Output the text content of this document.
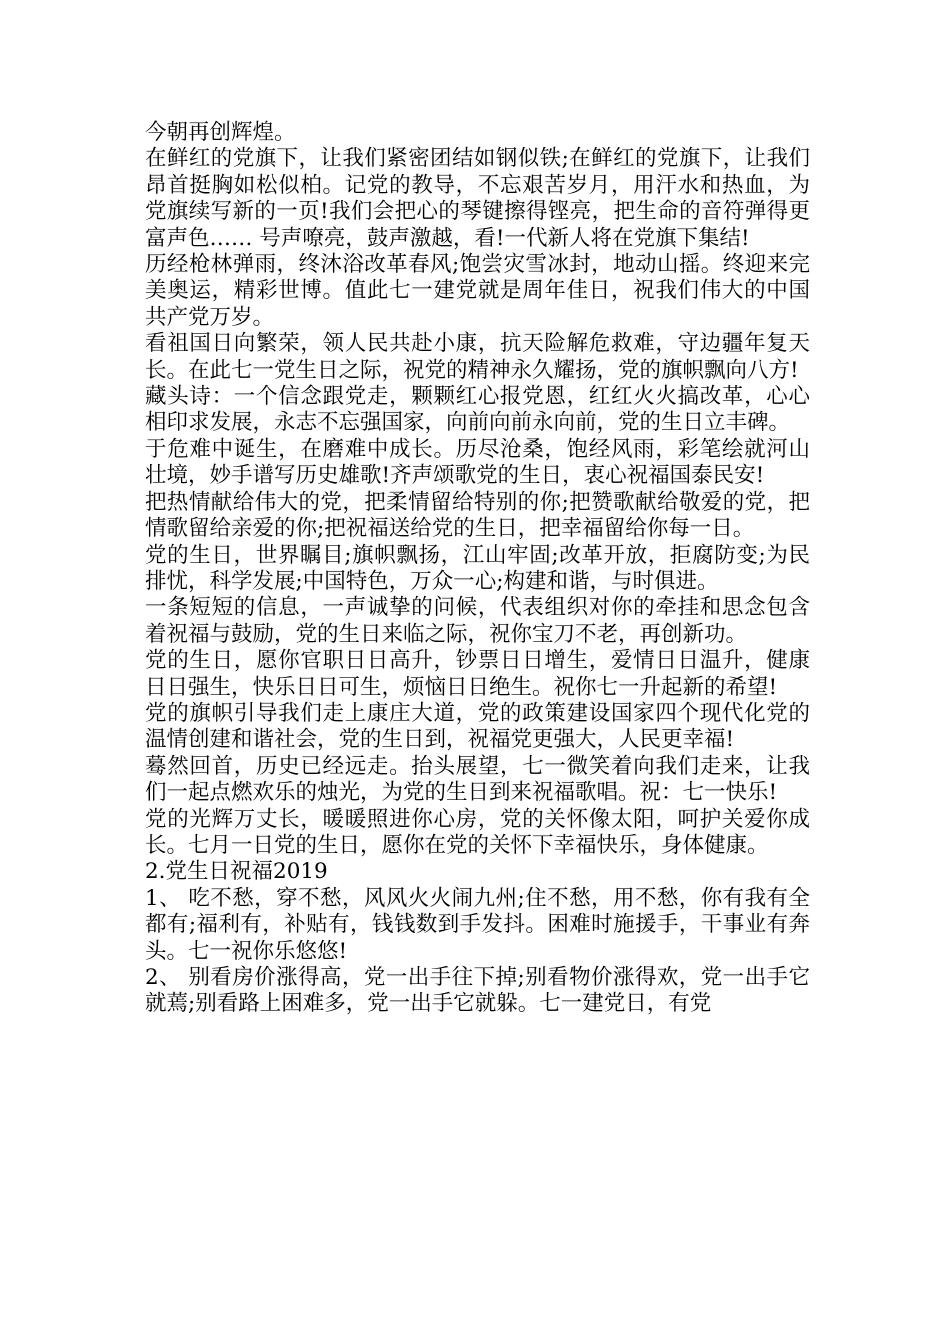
今朝再创辉煌。

在鲜红的党旗下，让我们紧密团结如钢似铁;在鲜红的党旗下，让我们昂首挺胸如松似柏。记党的教导，不忘艰苦岁月，用汗水和热血，为党旗续写新的一页!我们会把心的琴键擦得铿亮，把生命的音符弹得更富声色…… 号声嘹亮，鼓声激越，看!一代新人将在党旗下集结!

历经枪林弹雨，终沐浴改革春风;饱尝灾雪冰封，地动山摇。终迎来完美奥运，精彩世博。值此七一建党就是周年佳日，祝我们伟大的中国共产党万岁。

看祖国日向繁荣，领人民共赴小康，抗天险解危救难，守边疆年复天长。在此七一党生日之际，祝党的精神永久耀扬，党的旗帜飘向八方!

藏头诗：一个信念跟党走，颗颗红心报党恩，红红火火搞改革，心心相印求发展，永志不忘强国家，向前向前永向前，党的生日立丰碑。

于危难中诞生，在磨难中成长。历尽沧桑，饱经风雨，彩笔绘就河山壮境，妙手谱写历史雄歌!齐声颂歌党的生日，衷心祝福国泰民安!

把热情献给伟大的党，把柔情留给特别的你;把赞歌献给敬爱的党，把情歌留给亲爱的你;把祝福送给党的生日，把幸福留给你每一日。

党的生日，世界瞩目;旗帜飘扬，江山牢固;改革开放，拒腐防变;为民排忧，科学发展;中国特色，万众一心;构建和谐，与时俱进。

一条短短的信息，一声诚挚的问候，代表组织对你的牵挂和思念包含着祝福与鼓励，党的生日来临之际，祝你宝刀不老，再创新功。

党的生日，愿你官职日日高升，钞票日日增生，爱情日日温升，健康日日强生，快乐日日可生，烦恼日日绝生。祝你七一升起新的希望!

党的旗帜引导我们走上康庄大道，党的政策建设国家四个现代化党的温情创建和谐社会，党的生日到，祝福党更强大，人民更幸福!

蓦然回首，历史已经远走。抬头展望，七一微笑着向我们走来，让我们一起点燃欢乐的烛光，为党的生日到来祝福歌唱。祝：七一快乐!

党的光辉万丈长，暖暖照进你心房，党的关怀像太阳，呵护关爱你成长。七月一日党的生日，愿你在党的关怀下幸福快乐，身体健康。

2.党生日祝福2019

1、 吃不愁，穿不愁，风风火火闹九州;住不愁，用不愁，你有我有全都有;福利有，补贴有，钱钱数到手发抖。困难时施援手，干事业有奔头。七一祝你乐悠悠!

2、 别看房价涨得高，党一出手往下掉;别看物价涨得欢，党一出手它就蔫;别看路上困难多，党一出手它就躲。七一建党日，有党
